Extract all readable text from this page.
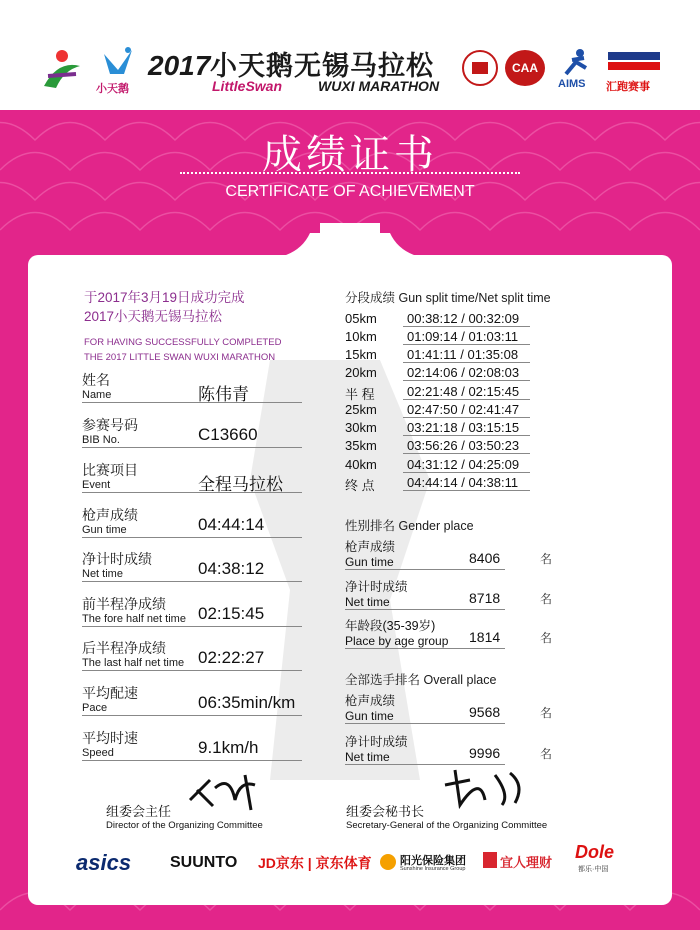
小天鹅
2017 小天鹅无锡马拉松
LittleSwan	WUXI MARATHON
CAA
AIMS 汇跑赛事
成绩证书
CERTIFICATE OF ACHIEVEMENT
于2017年3月19日成功完成
2017小天鹅无锡马拉松
FOR HAVING SUCCESSFULLY COMPLETED
THE 2017 LITTLE SWAN WUXI MARATHON
姓名
Name	陈伟青
参赛号码
BIB No.	C13660
比赛项目
Event	全程马拉松
枪声成绩
Gun time	04:44:14
净计时成绩
Net time	04:38:12
前半程净成绩
The fore half net time 02:15:45
后半程净成绩
The last half net time 02:22:27
平均配速
Pace	06:35min/km
平均时速
Speed	9.1km/h
分段成绩 Gun split time/Net split time
05km	00:38:12 / 00:32:09
10km	01:09:14 / 01:03:11
15km	01:41:11 / 01:35:08
20km	02:14:06 / 02:08:03
半 程	02:21:48 / 02:15:45
25km	02:47:50 / 02:41:47
30km	03:21:18 / 03:15:15
35km	03:56:26 / 03:50:23
40km	04:31:12 / 04:25:09
终 点	04:44:14 / 04:38:11
性别排名 Gender place
枪声成绩
Gun time	8406	名
净计时成绩
Net time	8718	名
年龄段(35-39岁)
Place by age group	1814	名
全部选手排名 Overall place
枪声成绩
Gun time	9568	名
净计时成绩
Net time	9996	名
组委会主任
Director of the Organizing Committee
组委会秘书长
Secretary-General of the Organizing Committee
asics SUUNTO JD京东 | 京东体育	阳光保险集团
Sunshine Insurance Group	宜人理财
Dole
都乐·中国
